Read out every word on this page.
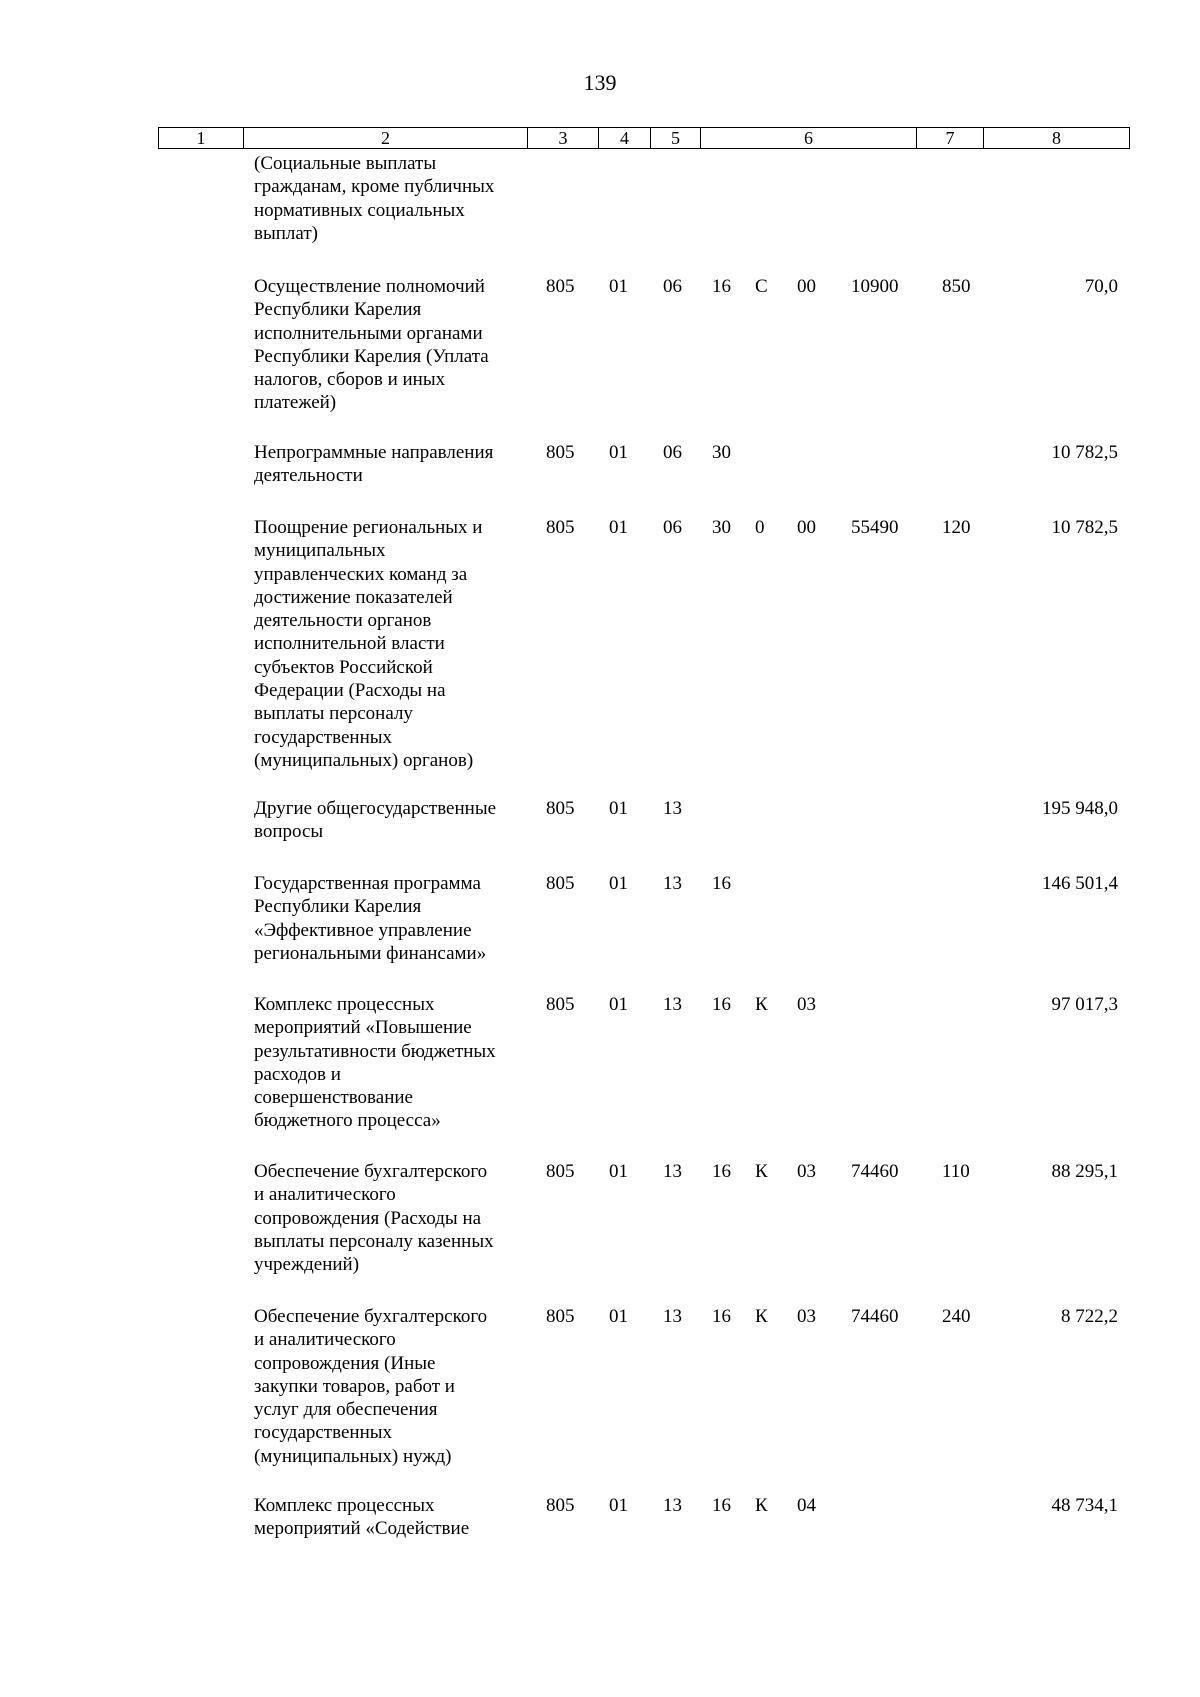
139
1	2	3	4	5	6	7	8
(Социальные выплаты
гражданам, кроме публичных
нормативных социальных
выплат)
Осуществление полномочий
Республики Карелия
исполнительными органами
Республики Карелия (Уплата
налогов, сборов и иных
платежей)
805 01 06 16 С 00 10900 850	70,0
Непрограммные направления
деятельности
805 01 06 30	10 782,5
Поощрение региональных и
муниципальных
управленческих команд за
достижение показателей
деятельности органов
исполнительной власти
субъектов Российской
Федерации (Расходы на
выплаты персоналу
государственных
(муниципальных) органов)
805 01 06 30 0 00 55490 120	10 782,5
Другие общегосударственные
вопросы
805 01 13	195 948,0
Государственная программа
Республики Карелия
«Эффективное управление
региональными финансами»
805 01 13 16	146 501,4
Комплекс процессных
мероприятий «Повышение
результативности бюджетных
расходов и
совершенствование
бюджетного процесса»
805 01 13 16 К 03	97 017,3
Обеспечение бухгалтерского
и аналитического
сопровождения (Расходы на
выплаты персоналу казенных
учреждений)
805 01 13 16 К 03 74460 110	88 295,1
Обеспечение бухгалтерского
и аналитического
сопровождения (Иные
закупки товаров, работ и
услуг для обеспечения
государственных
(муниципальных) нужд)
805 01 13 16 К 03 74460 240	8 722,2
Комплекс процессных
мероприятий «Содействие
805 01 13 16 К 04	48 734,1
